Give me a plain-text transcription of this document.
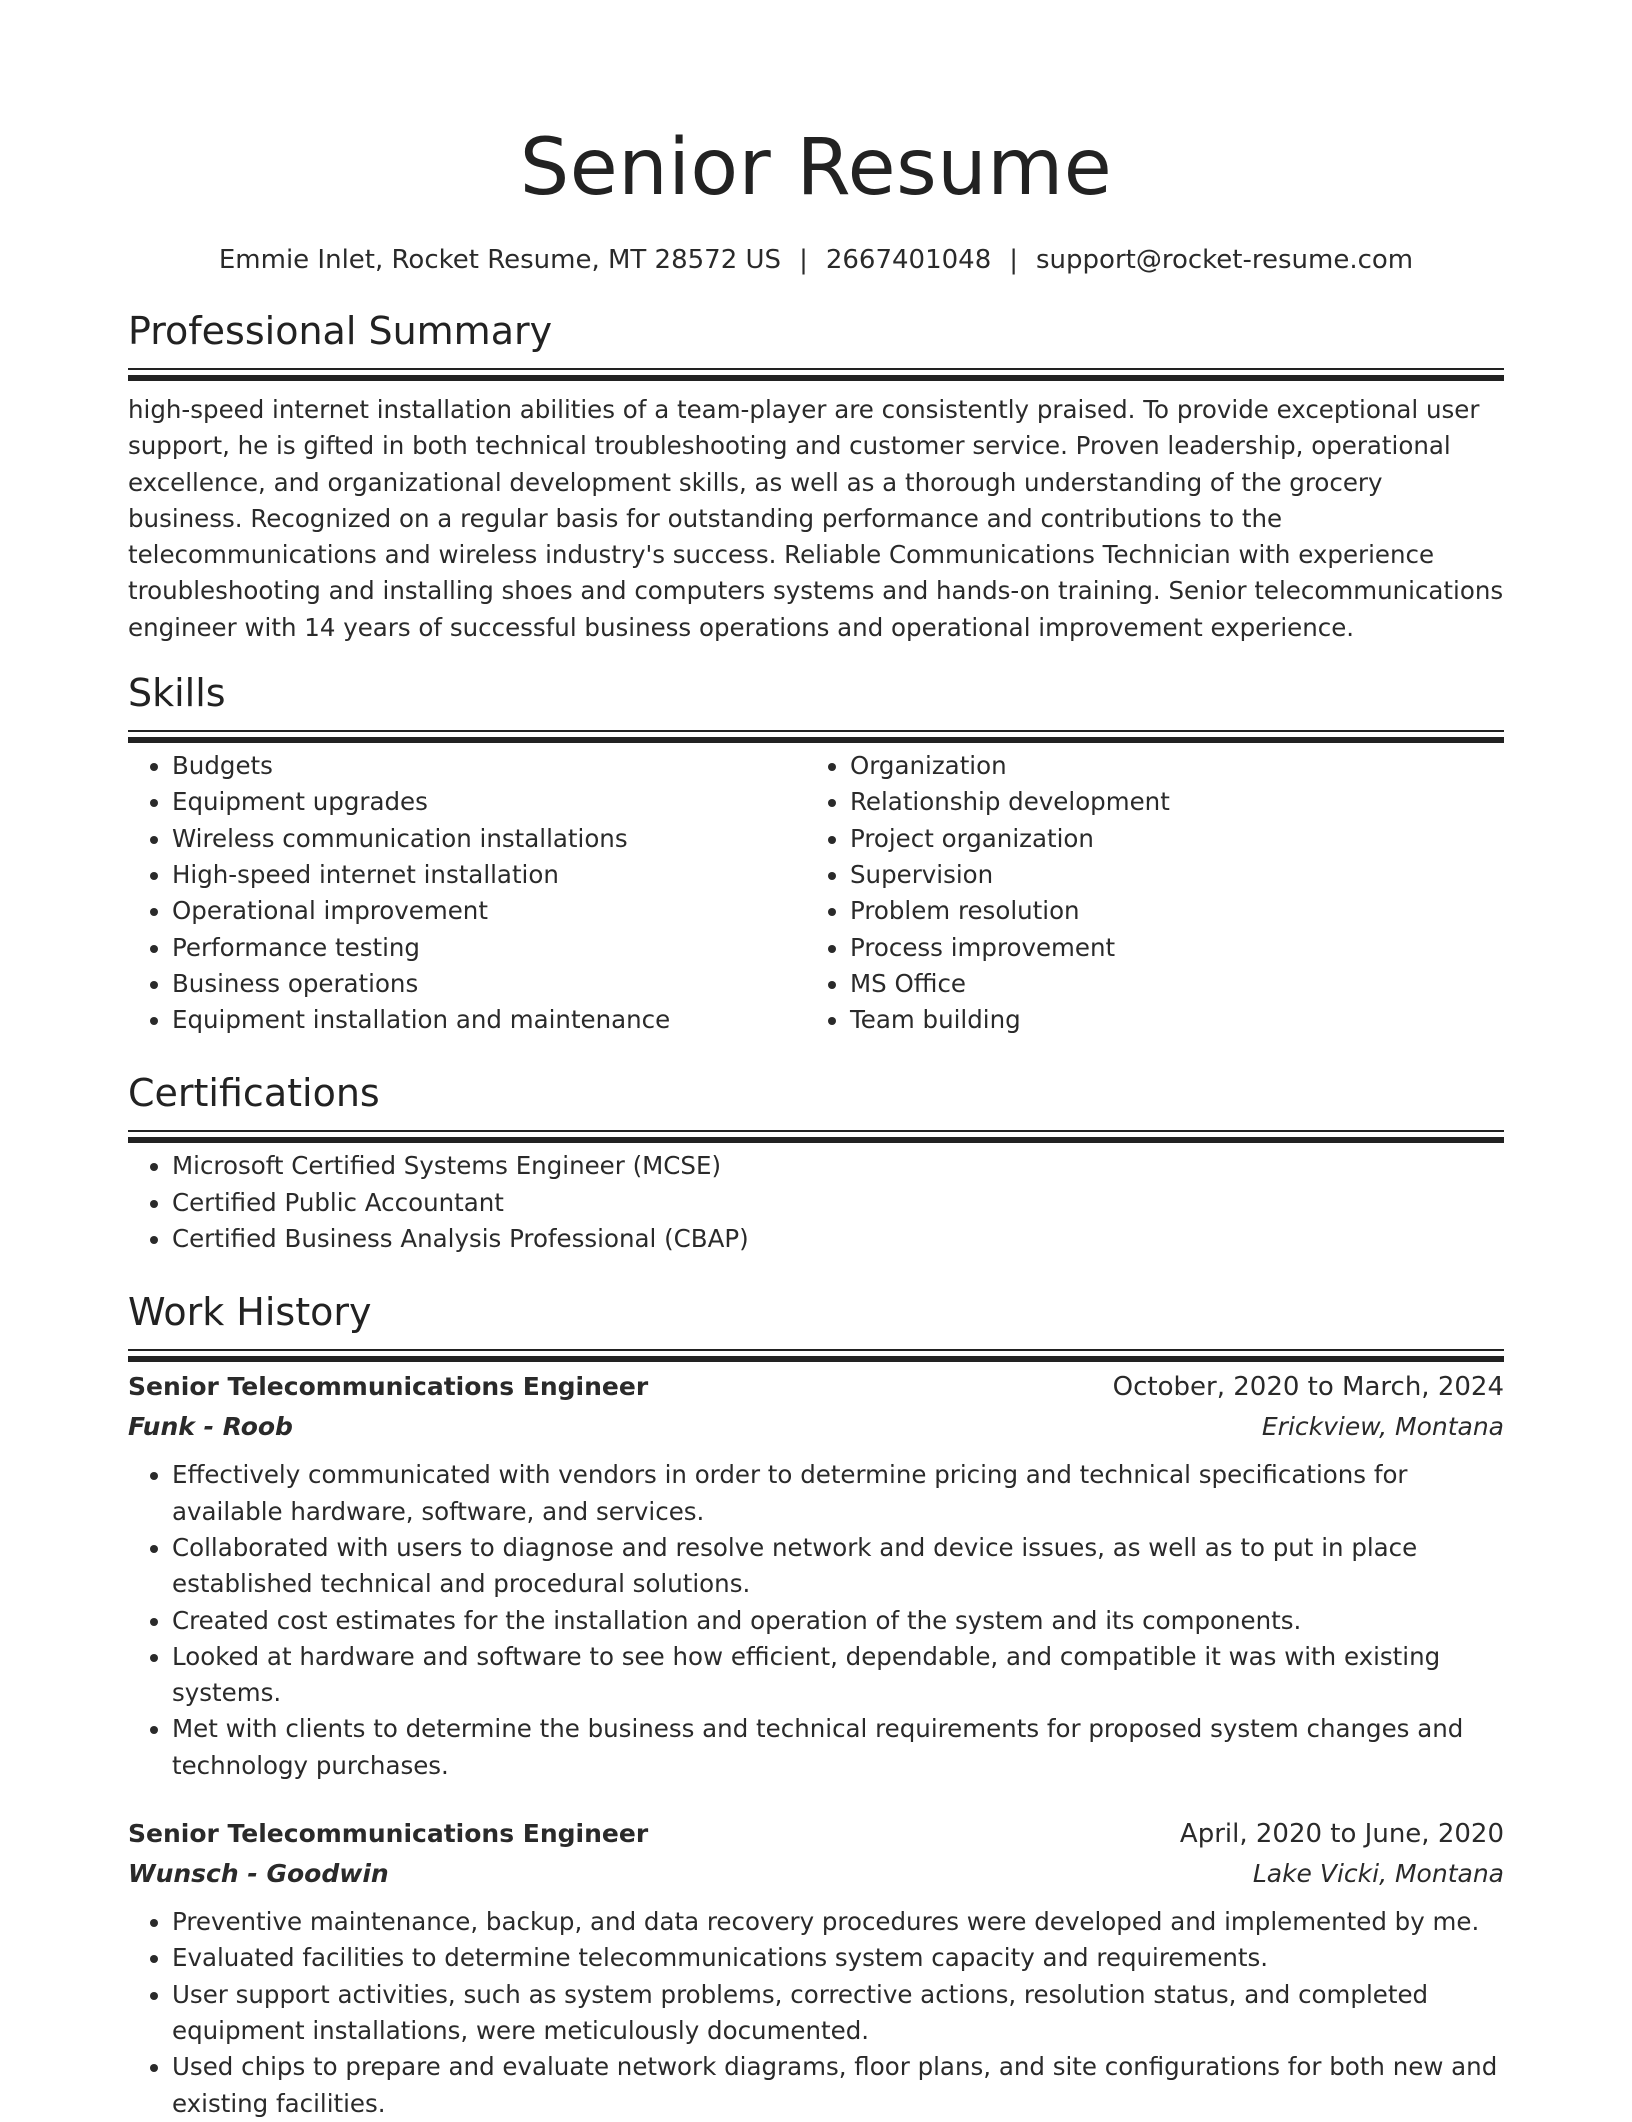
Senior Resume
Emmie Inlet, Rocket Resume, MT 28572 US | 2667401048 | support@rocket-resume.com
Professional Summary

high-speed internet installation abilities of a team-player are consistently praised. To provide exceptional user support, he is gifted in both technical troubleshooting and customer service. Proven leadership, operational excellence, and organizational development skills, as well as a thorough understanding of the grocery business. Recognized on a regular basis for outstanding performance and contributions to the telecommunications and wireless industry's success. Reliable Communications Technician with experience troubleshooting and installing shoes and computers systems and hands-on training. Senior telecommunications engineer with 14 years of successful business operations and operational improvement experience.

Skills
• Budgets
• Equipment upgrades
• Wireless communication installations
• High-speed internet installation
• Operational improvement
• Performance testing
• Business operations
• Equipment installation and maintenance
• Organization
• Relationship development
• Project organization
• Supervision
• Problem resolution
• Process improvement
• MS Office
• Team building
Certifications
• Microsoft Certified Systems Engineer (MCSE)
• Certified Public Accountant
• Certified Business Analysis Professional (CBAP)
Work History
Senior Telecommunications Engineer	October, 2020 to March, 2024
Funk - Roob	Erickview, Montana
• Effectively communicated with vendors in order to determine pricing and technical specifications for available hardware, software, and services.
• Collaborated with users to diagnose and resolve network and device issues, as well as to put in place established technical and procedural solutions.
• Created cost estimates for the installation and operation of the system and its components.
• Looked at hardware and software to see how efficient, dependable, and compatible it was with existing systems.
• Met with clients to determine the business and technical requirements for proposed system changes and technology purchases.
Senior Telecommunications Engineer	April, 2020 to June, 2020
Wunsch - Goodwin	Lake Vicki, Montana
• Preventive maintenance, backup, and data recovery procedures were developed and implemented by me.
• Evaluated facilities to determine telecommunications system capacity and requirements.
• User support activities, such as system problems, corrective actions, resolution status, and completed equipment installations, were meticulously documented.
• Used chips to prepare and evaluate network diagrams, floor plans, and site configurations for both new and existing facilities.
